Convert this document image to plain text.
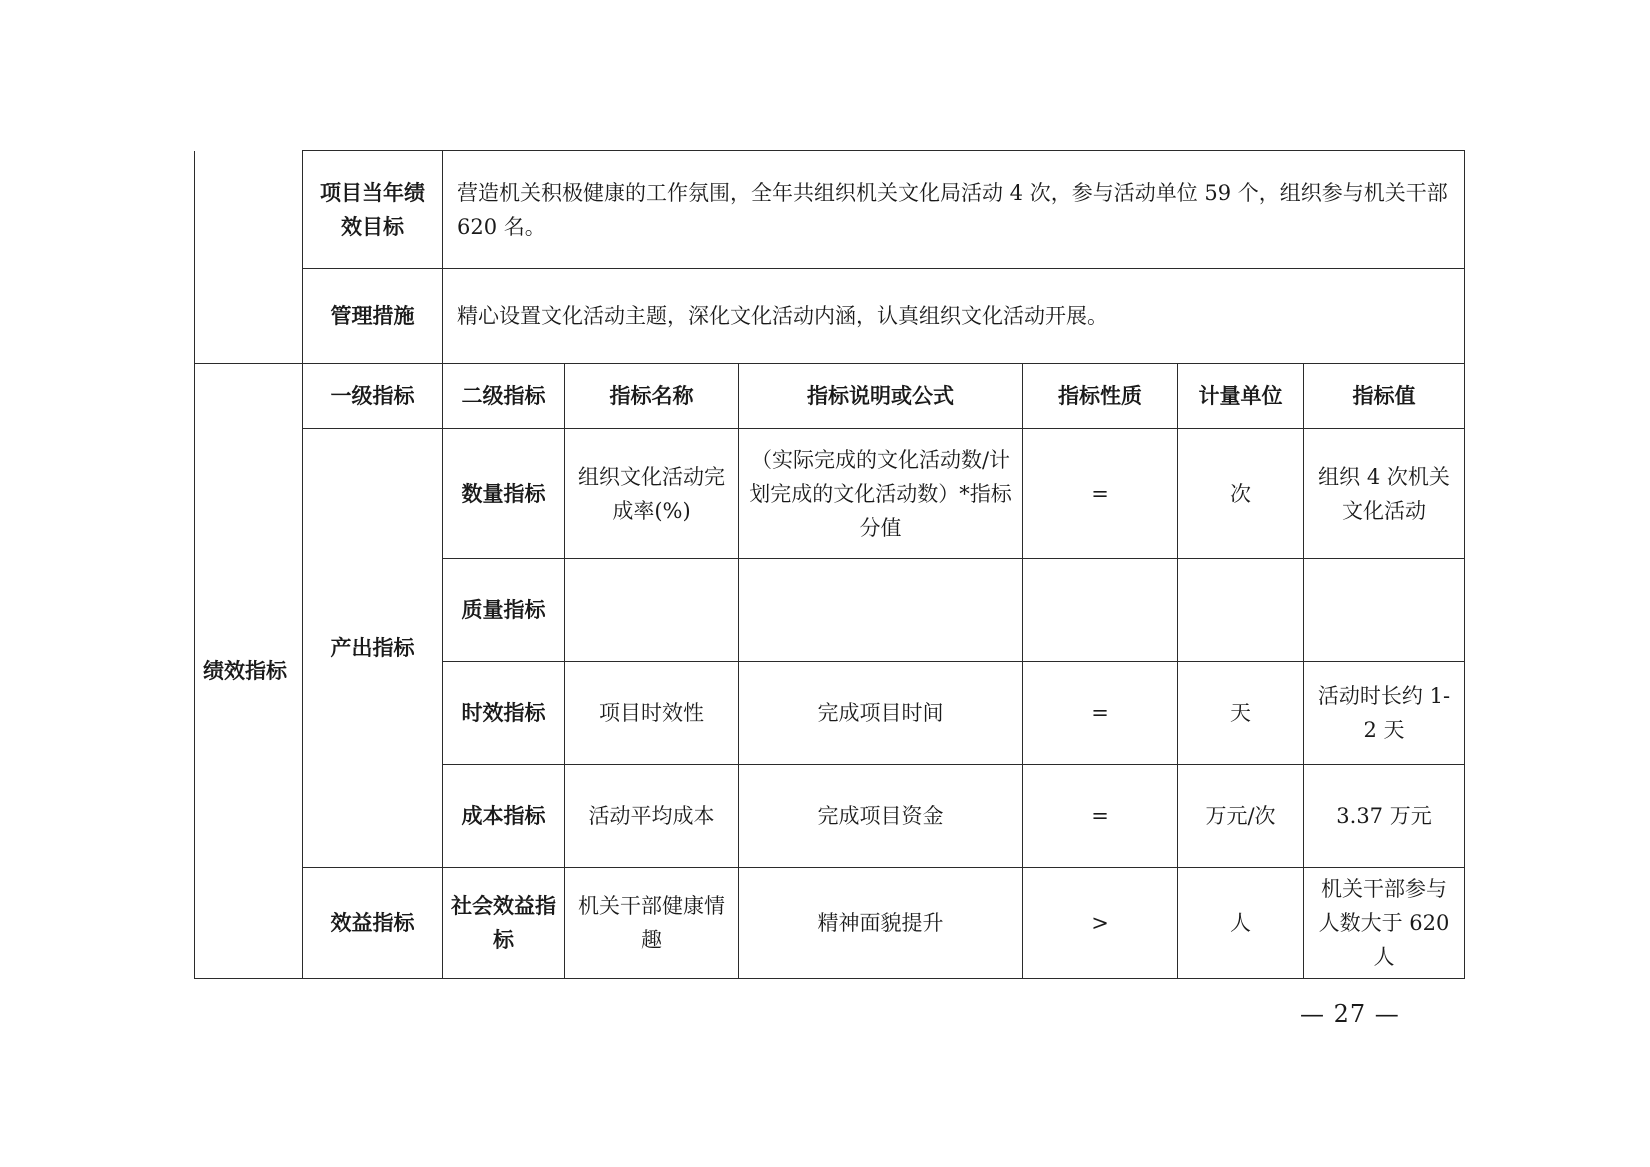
	项目当年绩效目标	营造机关积极健康的工作氛围，全年共组织机关文化局活动 4 次，参与活动单位 59 个，组织参与机关干部 620 名。					
	管理措施	精心设置文化活动主题，深化文化活动内涵，认真组织文化活动开展。					
绩效指标	一级指标	二级指标	指标名称	指标说明或公式	指标性质	计量单位	指标值
	产出指标	数量指标	组织文化活动完成率(%)	（实际完成的文化活动数/计划完成的文化活动数）*指标分值	=	次	组织 4 次机关文化活动
		质量指标					
		时效指标	项目时效性	完成项目时间	=	天	活动时长约 1-2 天
		成本指标	活动平均成本	完成项目资金	=	万元/次	3.37 万元
	效益指标	社会效益指标	机关干部健康情趣	精神面貌提升	>	人	机关干部参与人数大于 620 人
— 27 —
